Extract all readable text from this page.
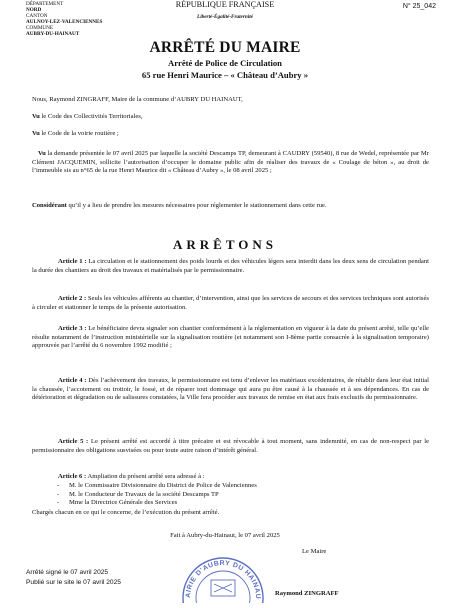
DÉPARTEMENT
NORD
CANTON
AULNOY-LEZ-VALENCIENNES
COMMUNE
AUBRY-DU-HAINAUT
RÉPUBLIQUE FRANÇAISE
Liberté-Égalité-Fraternité
N° 25_042
ARRÊTÉ DU MAIRE
Arrêté de Police de Circulation
65 rue Henri Maurice – « Château d’Aubry »
Nous, Raymond ZINGRAFF, Maire de la commune d’AUBRY DU HAINAUT,
Vu le Code des Collectivités Territoriales,
Vu le Code de la voirie routière ;
Vu la demande présentée le 07 avril 2025 par laquelle la société Descamps TP, demeurant à CAUDRY (59540), 8 rue de Wedel, représentée par Mr Clément JACQUEMIN, sollicite l’autorisation d’occuper le domaine public afin de réaliser des travaux de « Coulage de béton », au droit de l’immeuble sis au n°65 de la rue Henri Maurice dit « Château d’Aubry », le 08 avril 2025 ;
Considérant qu’il y a lieu de prendre les mesures nécessaires pour réglementer le stationnement dans cette rue.
ARRÊTONS
Article 1 : La circulation et le stationnement des poids lourds et des véhicules légers sera interdit dans les deux sens de circulation pendant la durée des chantiers au droit des travaux et matérialisés par le permissionnaire.
Article 2 : Seuls les véhicules afférents au chantier, d’intervention, ainsi que les services de secours et des services techniques sont autorisés à circuler et stationner le temps de la présente autorisation.
Article 3 : Le bénéficiaire devra signaler son chantier conformément à la réglementation en vigueur à la date du présent arrêté, telle qu’elle résulte notamment de l’instruction ministérielle sur la signalisation routière (et notamment son I-8ème partie consacrée à la signalisation temporaire) approuvée par l’arrêté du 6 novembre 1992 modifié ;
Article 4 : Dès l’achèvement des travaux, le permissionnaire est tenu d’enlever les matériaux excédentaires, de rétablir dans leur état initial la chaussée, l’accotement ou trottoir, le fossé, et de réparer tout dommage qui aura pu être causé à la chaussée et à ses dépendances. En cas de détérioration et dégradation ou de salissures constatées, la Ville fera procéder aux travaux de remise en état aux frais exclusifs du permissionnaire.
Article 5 : Le présent arrêté est accordé à titre précaire et est révocable à tout moment, sans indemnité, en cas de non-respect par le permissionnaire des obligations susvisées ou pour toute autre raison d’intérêt général.
Article 6 : Ampliation du présent arrêté sera adressé à :
- M. le Commissaire Divisionnaire du District de Police de Valenciennes
- M. le Conducteur de Travaux de la société Descamps TP
- Mme la Directrice Générale des Services
Chargés chacun en ce qui le concerne, de l’exécution du présent arrêté.
Fait à Aubry-du-Hainaut, le 07 avril 2025
Le Maire
AIRIE D’AUBRY DU HAINAU Raymond ZINGRAFF
Arrêté signé le 07 avril 2025
Publié sur le site le 07 avril 2025
